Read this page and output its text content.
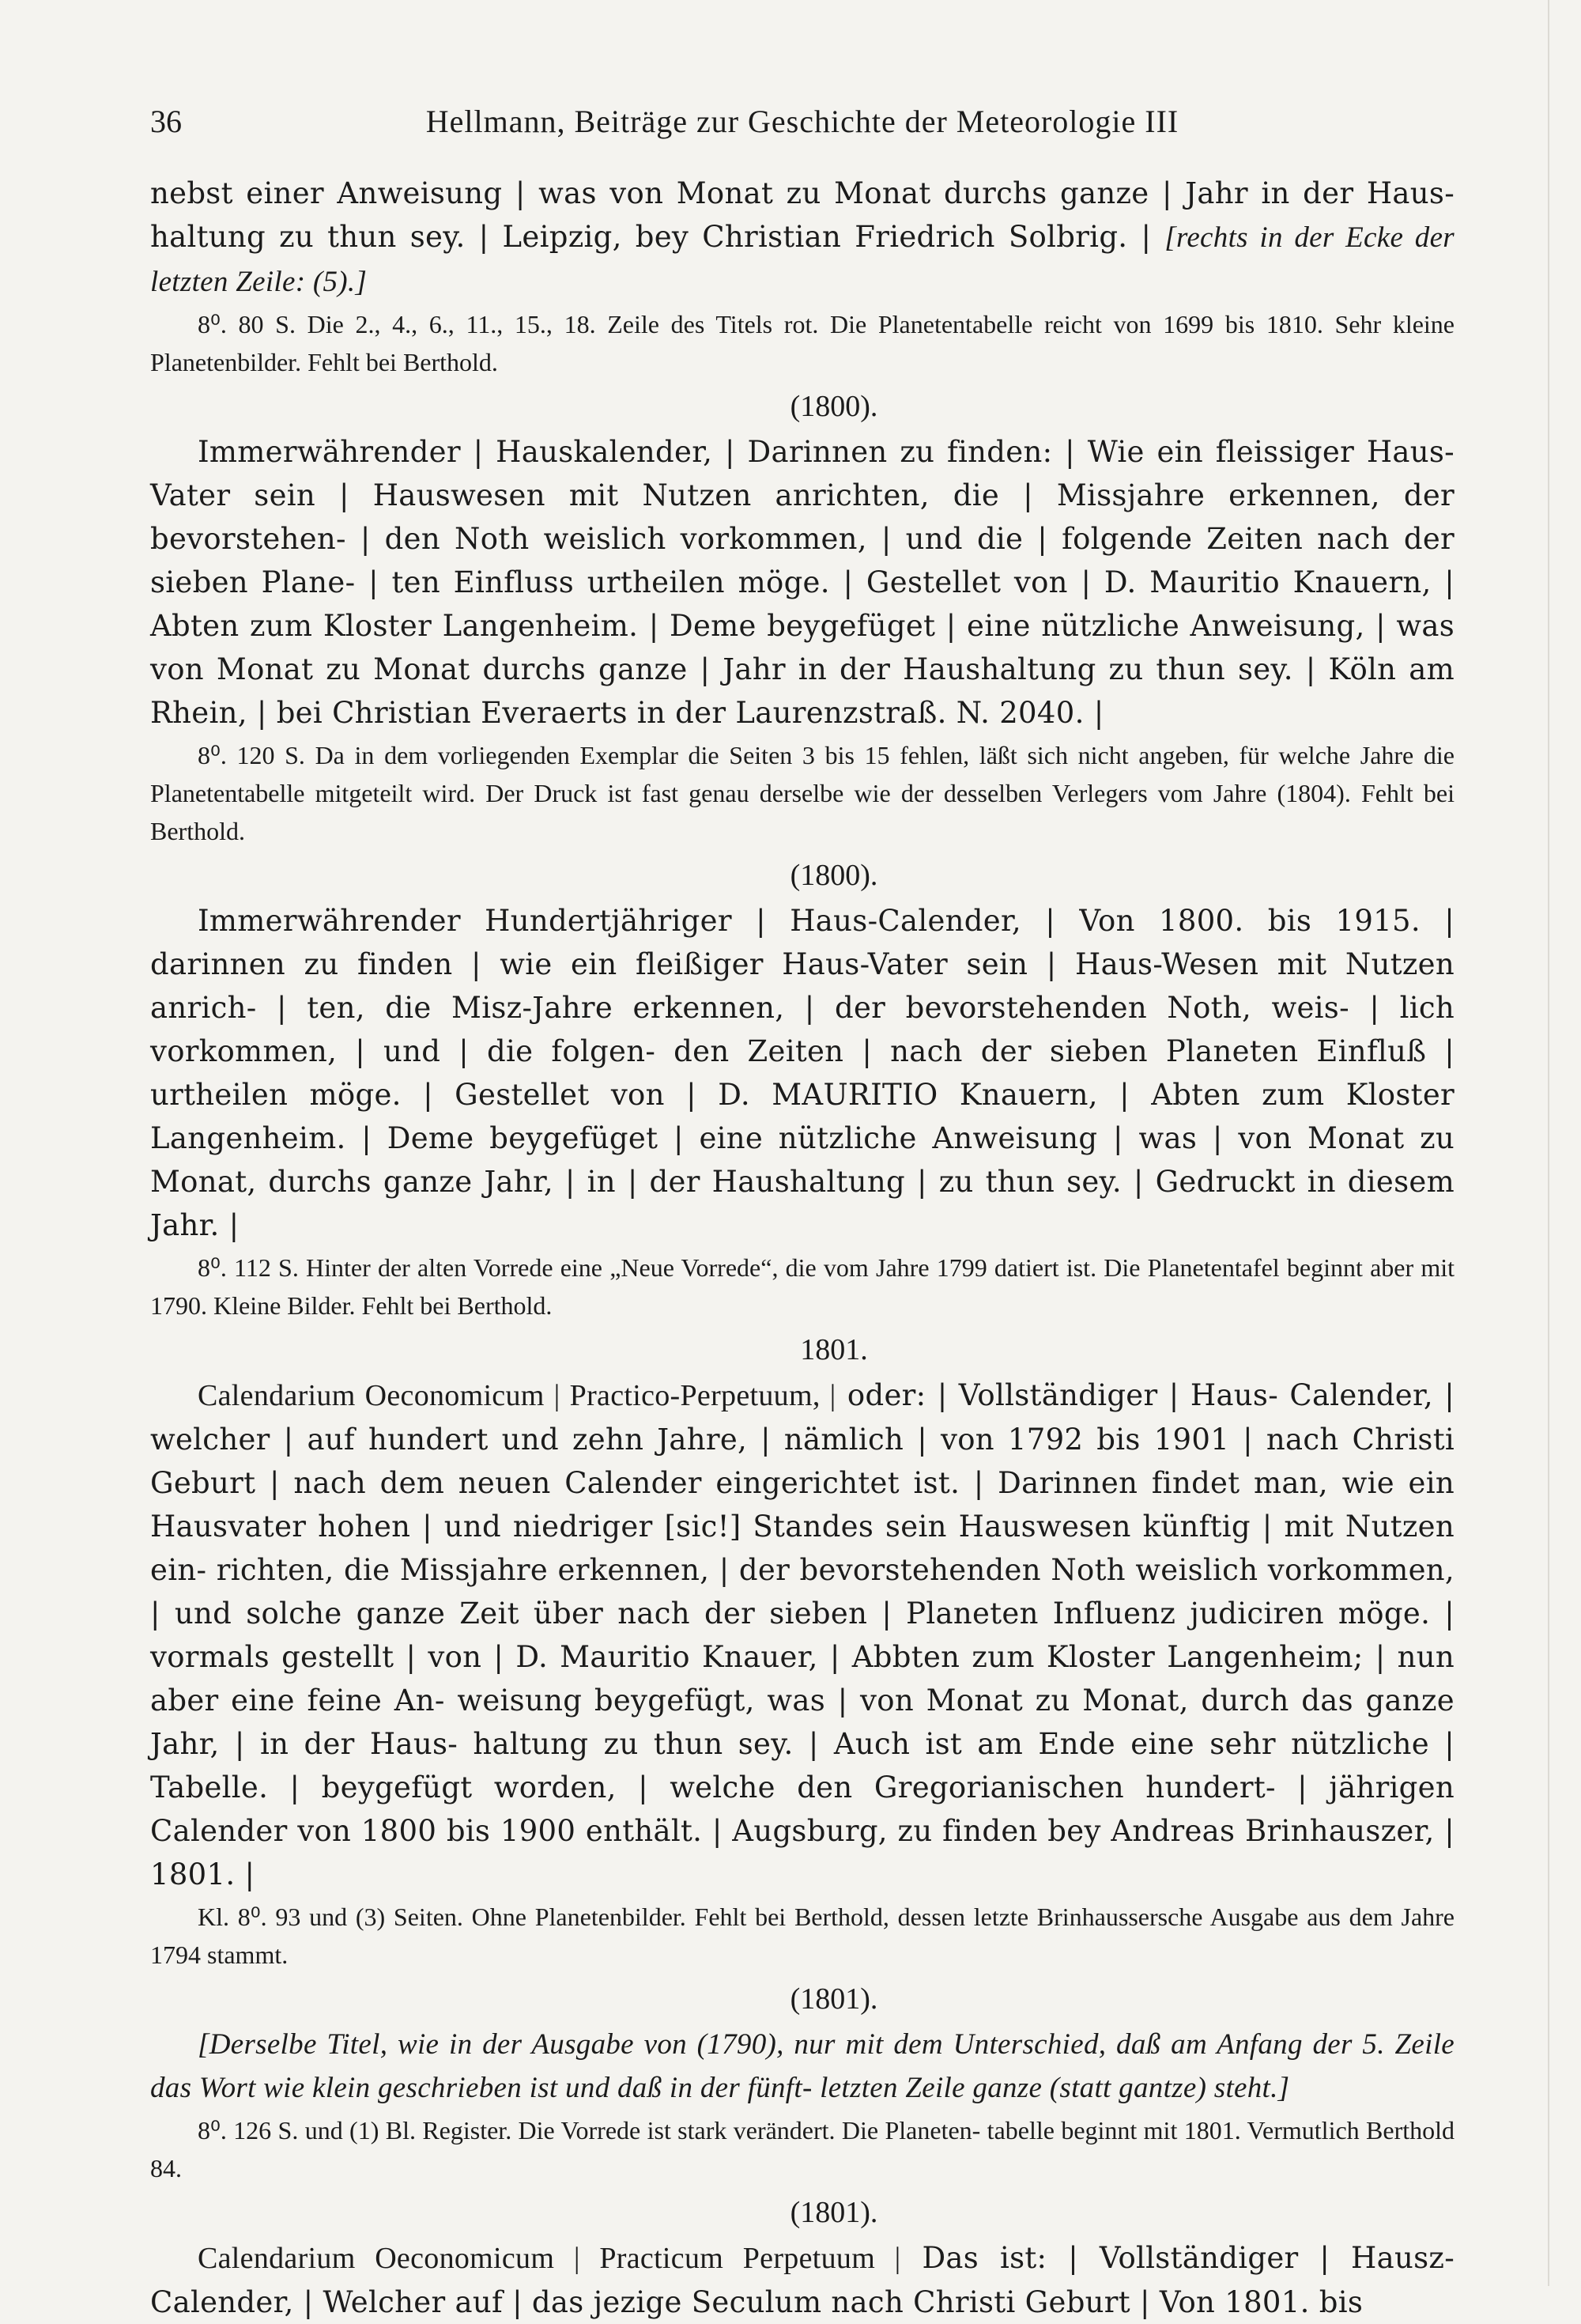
36	Hellmann, Beiträge zur Geschichte der Meteorologie III

nebst einer Anweisung | was von Monat zu Monat durchs ganze | Jahr in der Haus- haltung zu thun sey. | Leipzig, bey Christian Friedrich Solbrig. | [rechts in der Ecke der letzten Zeile: (5).]

8⁰. 80 S. Die 2., 4., 6., 11., 15., 18. Zeile des Titels rot. Die Planetentabelle reicht von 1699 bis 1810. Sehr kleine Planetenbilder. Fehlt bei Berthold.

(1800).

Immerwährender | Hauskalender, | Darinnen zu finden: | Wie ein fleissiger Haus-Vater sein | Hauswesen mit Nutzen anrichten, die | Missjahre erkennen, der bevorstehen- | den Noth weislich vorkommen, | und die | folgende Zeiten nach der sieben Plane- | ten Einfluss urtheilen möge. | Gestellet von | D. Mauritio Knauern, | Abten zum Kloster Langenheim. | Deme beygefüget | eine nützliche Anweisung, | was von Monat zu Monat durchs ganze | Jahr in der Haushaltung zu thun sey. | Köln am Rhein, | bei Christian Everaerts in der Laurenzstraß. N. 2040. |

8⁰. 120 S. Da in dem vorliegenden Exemplar die Seiten 3 bis 15 fehlen, läßt sich nicht angeben, für welche Jahre die Planetentabelle mitgeteilt wird. Der Druck ist fast genau derselbe wie der desselben Verlegers vom Jahre (1804). Fehlt bei Berthold.

(1800).

Immerwährender Hundertjähriger | Haus-Calender, | Von 1800. bis 1915. | darinnen zu finden | wie ein fleißiger Haus-Vater sein | Haus-Wesen mit Nutzen anrich- | ten, die Misz-Jahre erkennen, | der bevorstehenden Noth, weis- | lich vorkommen, | und | die folgen- den Zeiten | nach der sieben Planeten Einfluß | urtheilen möge. | Gestellet von | D. MAURITIO Knauern, | Abten zum Kloster Langenheim. | Deme beygefüget | eine nützliche Anweisung | was | von Monat zu Monat, durchs ganze Jahr, | in | der Haushaltung | zu thun sey. | Gedruckt in diesem Jahr. |

8⁰. 112 S. Hinter der alten Vorrede eine „Neue Vorrede“, die vom Jahre 1799 datiert ist. Die Planetentafel beginnt aber mit 1790. Kleine Bilder. Fehlt bei Berthold.

1801.

Calendarium Oeconomicum | Practico-Perpetuum, | oder: | Vollständiger | Haus- Calender, | welcher | auf hundert und zehn Jahre, | nämlich | von 1792 bis 1901 | nach Christi Geburt | nach dem neuen Calender eingerichtet ist. | Darinnen findet man, wie ein Hausvater hohen | und niedriger [sic!] Standes sein Hauswesen künftig | mit Nutzen ein- richten, die Missjahre erkennen, | der bevorstehenden Noth weislich vorkommen, | und solche ganze Zeit über nach der sieben | Planeten Influenz judiciren möge. | vormals gestellt | von | D. Mauritio Knauer, | Abbten zum Kloster Langenheim; | nun aber eine feine An- weisung beygefügt, was | von Monat zu Monat, durch das ganze Jahr, | in der Haus- haltung zu thun sey. | Auch ist am Ende eine sehr nützliche | Tabelle. | beygefügt worden, | welche den Gregorianischen hundert- | jährigen Calender von 1800 bis 1900 enthält. | Augsburg, zu finden bey Andreas Brinhauszer, | 1801. |

Kl. 8⁰. 93 und (3) Seiten. Ohne Planetenbilder. Fehlt bei Berthold, dessen letzte Brinhaussersche Ausgabe aus dem Jahre 1794 stammt.

(1801).

[Derselbe Titel, wie in der Ausgabe von (1790), nur mit dem Unterschied, daß am Anfang der 5. Zeile das Wort wie klein geschrieben ist und daß in der fünft- letzten Zeile ganze (statt gantze) steht.]

8⁰. 126 S. und (1) Bl. Register. Die Vorrede ist stark verändert. Die Planeten- tabelle beginnt mit 1801. Vermutlich Berthold 84.

(1801).

Calendarium Oeconomicum | Practicum Perpetuum | Das ist: | Vollständiger | Hausz-Calender, | Welcher auf | das jezige Seculum nach Christi Geburt | Von 1801. bis
